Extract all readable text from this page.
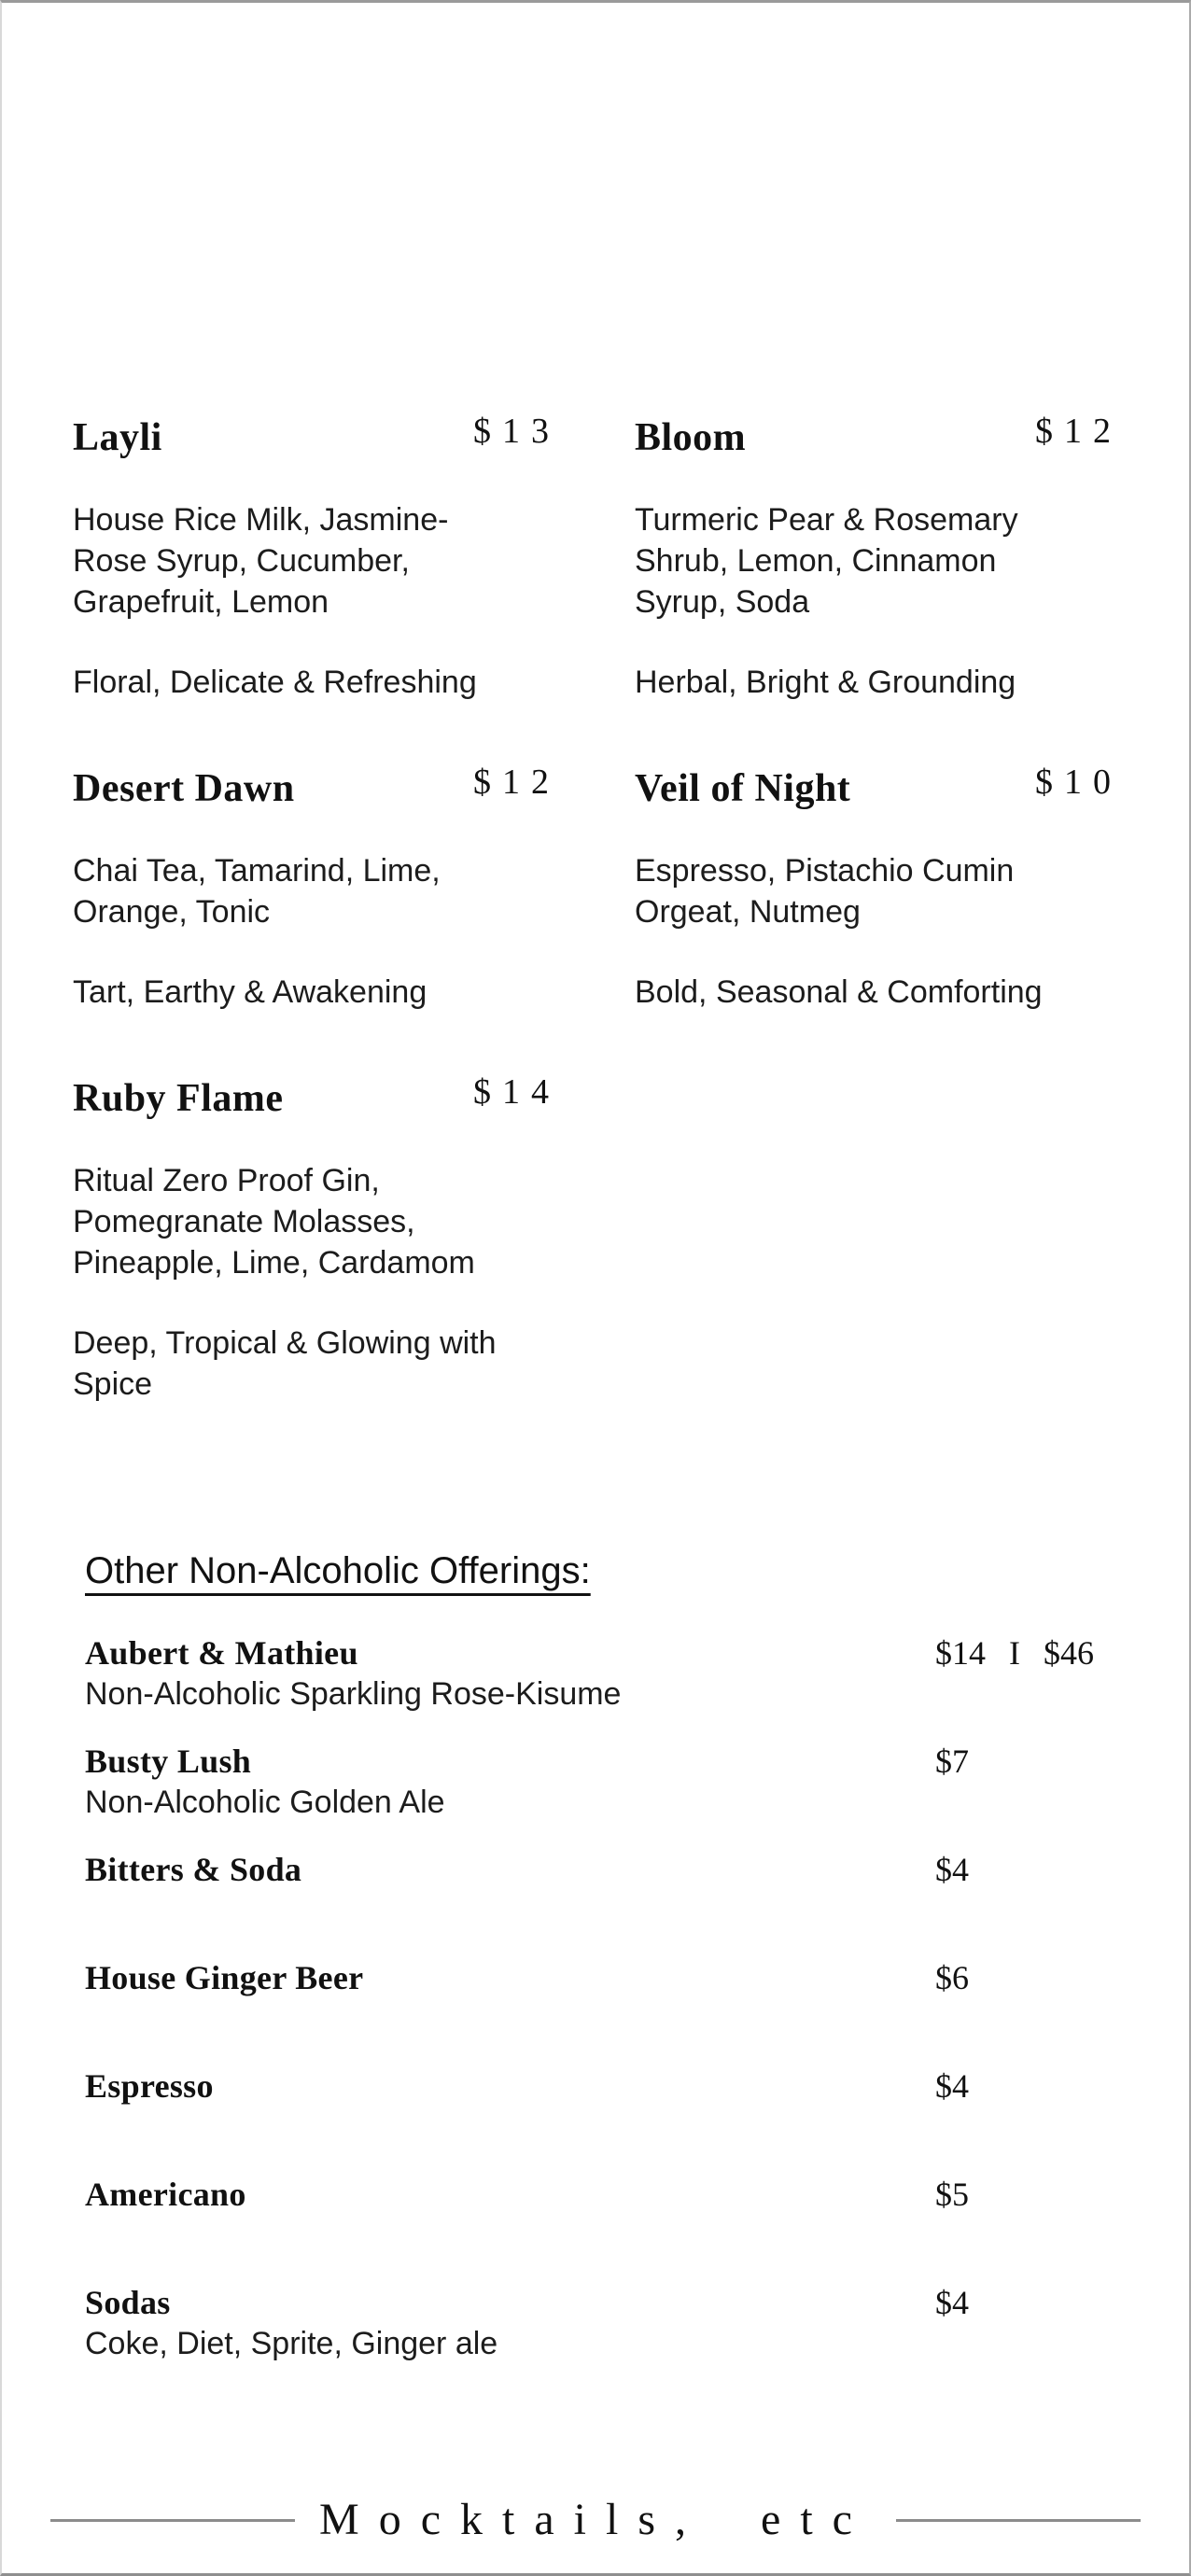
Layli	$13

House Rice Milk, Jasmine-Rose Syrup, Cucumber, Grapefruit, Lemon

Floral, Delicate & Refreshing

Bloom	$12

Turmeric Pear & Rosemary Shrub, Lemon, Cinnamon Syrup, Soda

Herbal, Bright & Grounding

Desert Dawn	$12

Chai Tea, Tamarind, Lime, Orange, Tonic

Tart, Earthy & Awakening

Veil of Night	$10

Espresso, Pistachio Cumin Orgeat, Nutmeg

Bold, Seasonal & Comforting

Ruby Flame	$14

Ritual Zero Proof Gin, Pomegranate Molasses, Pineapple, Lime, Cardamom

Deep, Tropical & Glowing with Spice

Other Non-Alcoholic Offerings:
Aubert & Mathieu
Non-Alcoholic Sparkling Rose-Kisume
$14 I $46
Busty Lush
Non-Alcoholic Golden Ale
$7
Bitters & Soda	$4
House Ginger Beer	$6
Espresso	$4
Americano	$5
Sodas
Coke, Diet, Sprite, Ginger ale
$4
Mocktails, etc
